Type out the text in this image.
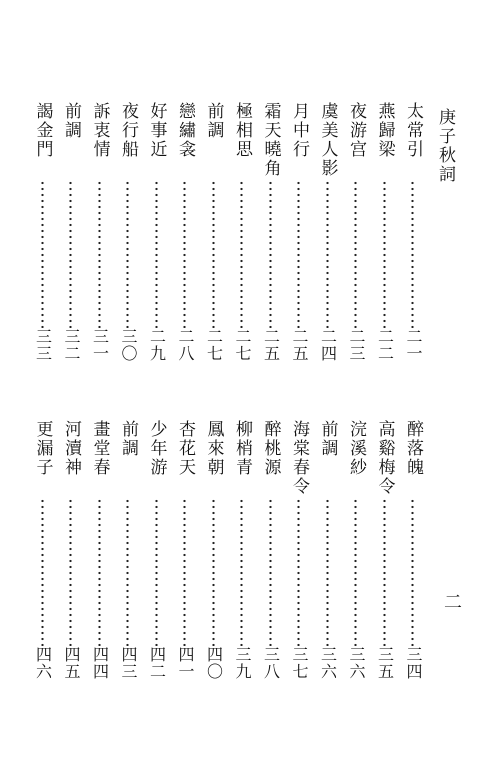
庚子秋詞
太常引
二一
燕歸梁
二二
夜游宫
二三
虞美人影
二四
月中行
二五
霜天曉角
二五
極相思
二七
前調
二七
戀繡衾
二八
好事近
二九
夜行船
三〇
訴衷情
三一
前調
三二
謁金門
三三
醉落魄
三四
高谿梅令
三五
浣溪紗
三六
前調
三六
海棠春令
三七
醉桃源
三八
柳梢青
三九
鳳來朝
四〇
杏花天
四一
少年游
四二
前調
四三
畫堂春
四四
河瀆神
四五
更漏子
四六
二
